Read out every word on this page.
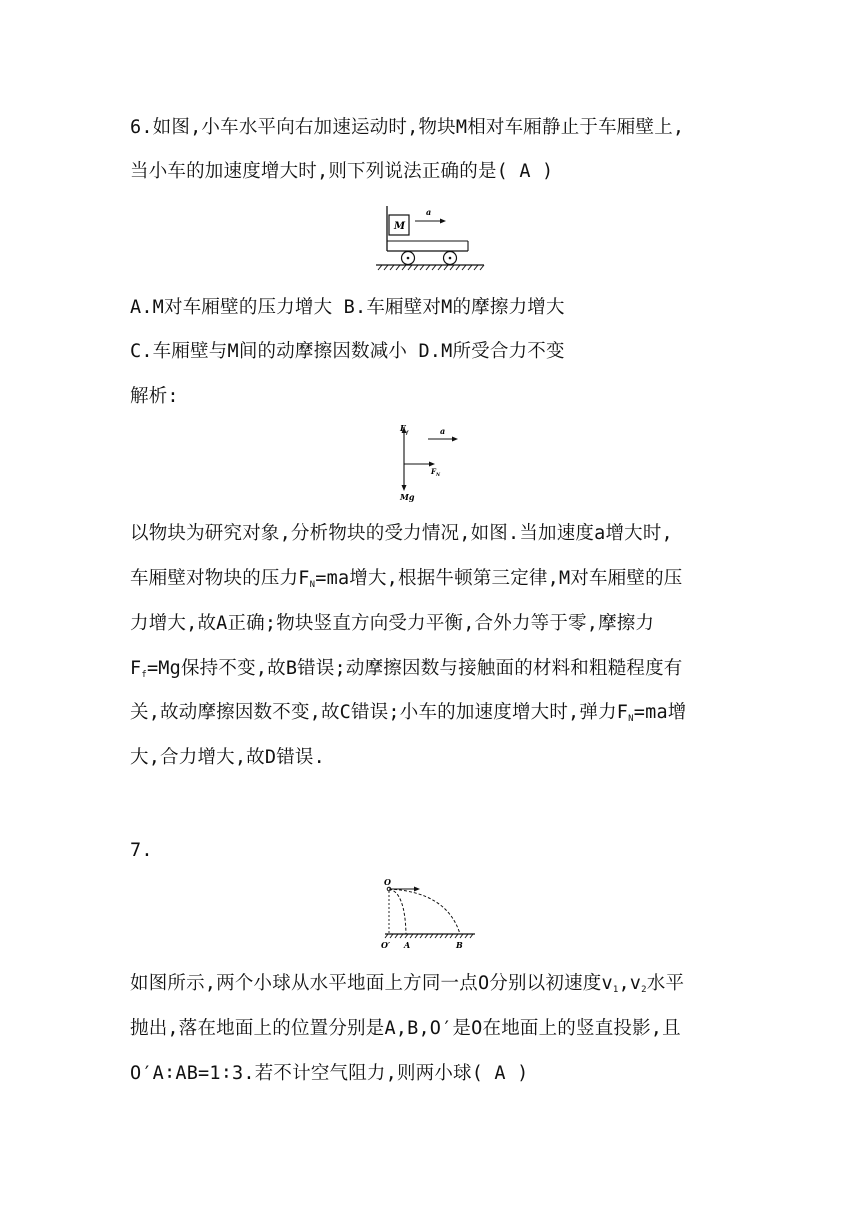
6.如图,小车水平向右加速运动时,物块M相对车厢静止于车厢壁上,
当小车的加速度增大时,则下列说法正确的是( A )
M
a
A.M对车厢壁的压力增大 B.车厢壁对M的摩擦力增大
C.车厢壁与M间的动摩擦因数减小 D.M所受合力不变
解析:
F f
F N
Mg
a
以物块为研究对象,分析物块的受力情况,如图.当加速度a增大时,
车厢壁对物块的压力$F_N=ma$增大,根据牛顿第三定律,M对车厢壁的压
力增大,故A正确;物块竖直方向受力平衡,合外力等于零,摩擦力
$F_f=Mg$保持不变,故B错误;动摩擦因数与接触面的材料和粗糙程度有
关,故动摩擦因数不变,故C错误;小车的加速度增大时,弹力$F_N=ma$增
大,合力增大,故D错误.
7.
O
O′ A	B
如图所示,两个小球从水平地面上方同一点O分别以初速度$v_1,v_2$水平
抛出,落在地面上的位置分别是A,B,O′是O在地面上的竖直投影,且
O′A∶AB=1∶3.若不计空气阻力,则两小球( A )
